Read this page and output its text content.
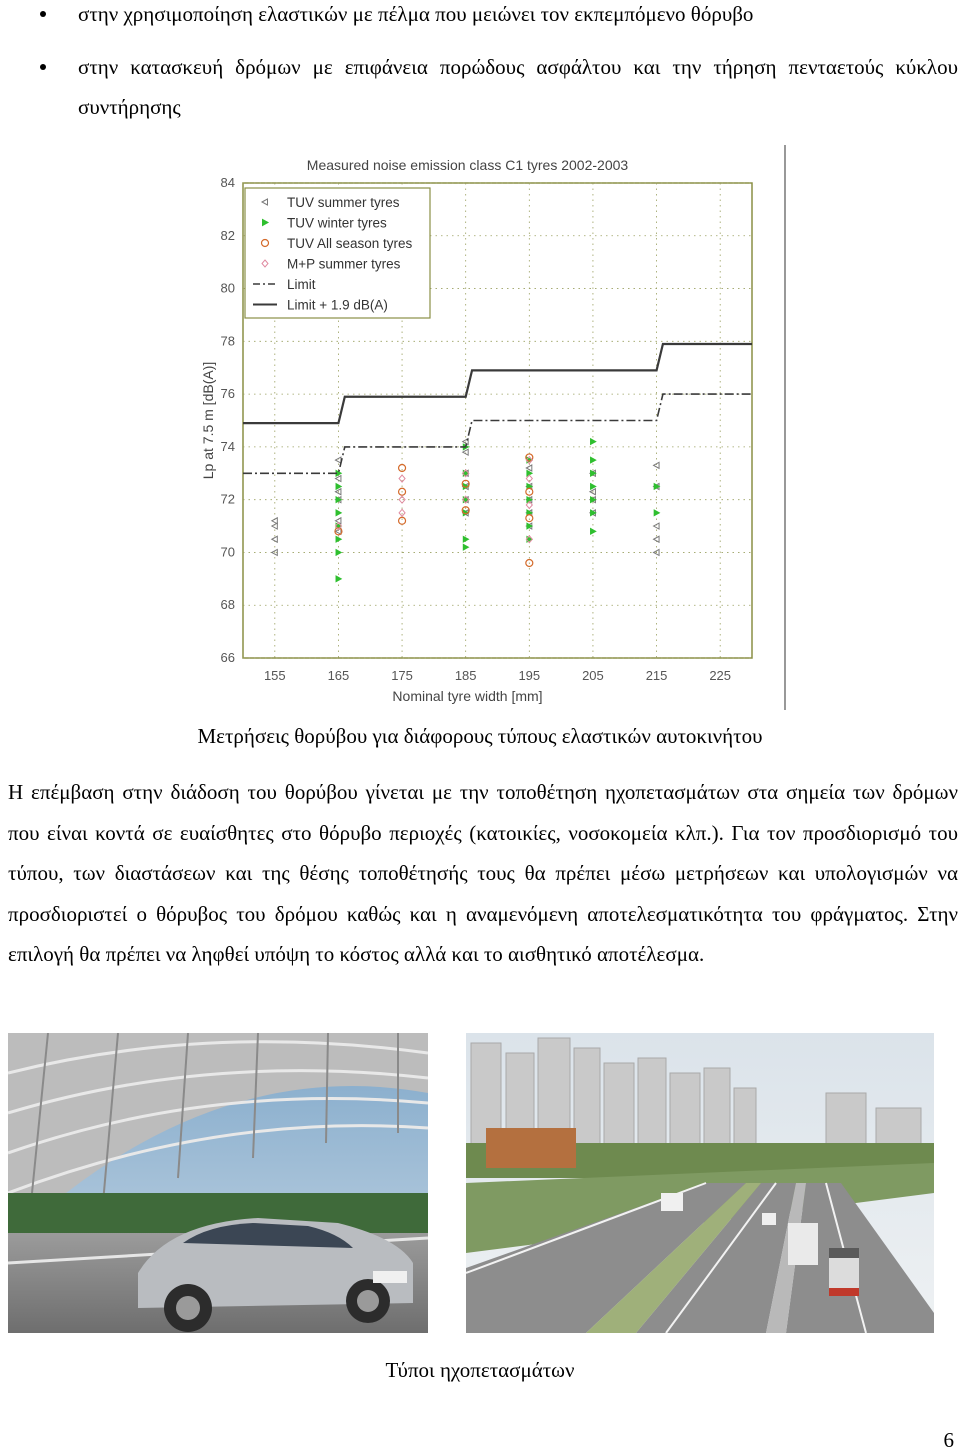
στην χρησιμοποίηση ελαστικών με πέλμα που μειώνει τον εκπεμπόμενο θόρυβο
στην κατασκευή δρόμων με επιφάνεια πορώδους ασφάλτου και την τήρηση πενταετούς κύκλου συντήρησης
66
68
70
72
74
76
78
80
82
84
155	165	175	185	195	205	215	225
Measured noise emission class C1 tyres 2002-2003
Nominal tyre width [mm]
Lp at 7.5 m [dB(A)]
TUV summer tyres
TUV winter tyres
TUV All season tyres
M+P summer tyres
Limit
Limit + 1.9 dB(A)
Μετρήσεις θορύβου για διάφορους τύπους ελαστικών αυτοκινήτου
Η επέμβαση στην διάδοση του θορύβου γίνεται με την τοποθέτηση ηχοπετασμάτων στα σημεία των δρόμων που είναι κοντά σε ευαίσθητες στο θόρυβο περιοχές (κατοικίες, νοσοκομεία κλπ.). Για τον προσδιορισμό του τύπου, των διαστάσεων και της θέσης τοποθέτησής τους θα πρέπει μέσω μετρήσεων και υπολογισμών να προσδιοριστεί ο θόρυβος του δρόμου καθώς και η αναμενόμενη αποτελεσματικότητα του φράγματος. Στην επιλογή θα πρέπει να ληφθεί υπόψη το κόστος αλλά και το αισθητικό αποτέλεσμα.
Τύποι ηχοπετασμάτων
6
